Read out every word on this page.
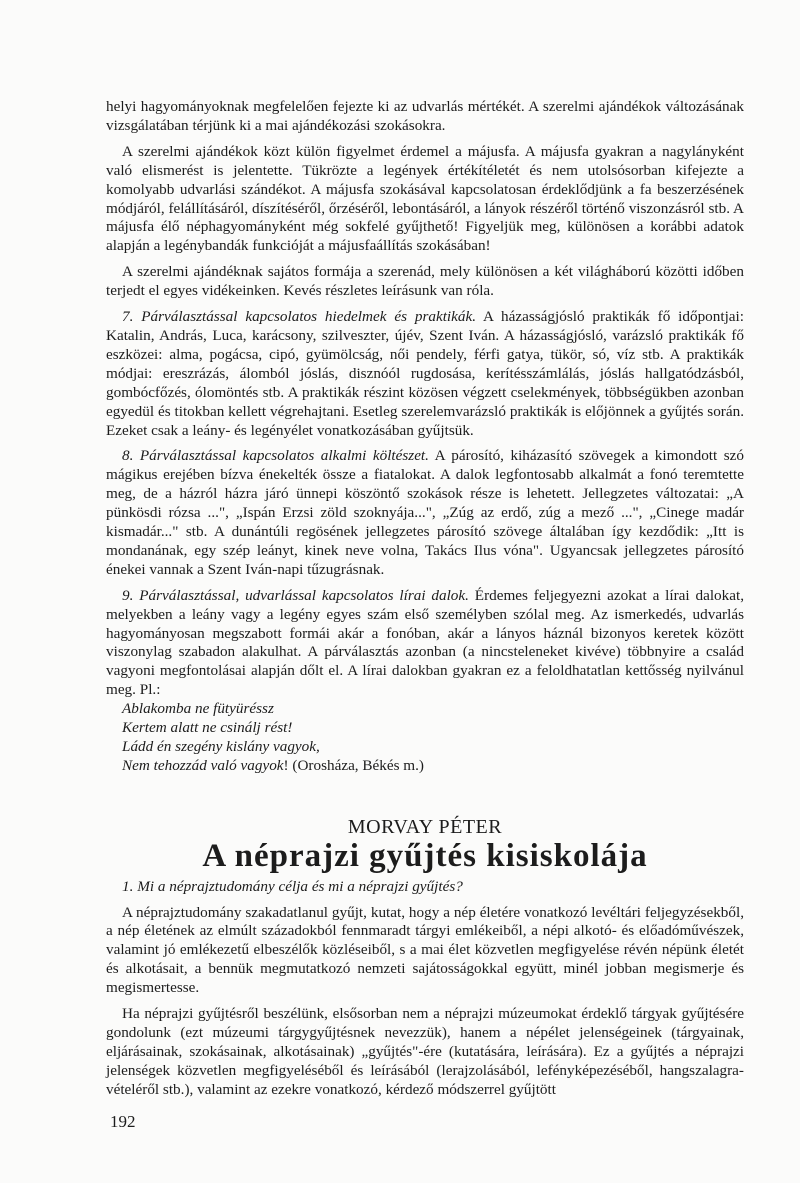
helyi hagyományoknak megfelelően fejezte ki az udvarlás mértékét. A szerelmi ajándékok változásának vizsgálatában térjünk ki a mai ajándékozási szokásokra.

A szerelmi ajándékok közt külön figyelmet érdemel a májusfa. A májusfa gyakran a nagylányként való elismerést is jelentette. Tükrözte a legények értékítéletét és nem utolsósorban kifejezte a komolyabb udvarlási szándékot. A májusfa szokásával kapcsolatosan érdeklődjünk a fa beszerzésének módjáról, felállításáról, díszítéséről, őrzéséről, lebontásáról, a lányok részéről történő viszonzásról stb. A májusfa élő néphagyományként még sokfelé gyűjthető! Figyeljük meg, különösen a korábbi adatok alapján a legénybandák funkcióját a májusfaállítás szokásában!

A szerelmi ajándéknak sajátos formája a szerenád, mely különösen a két világháború közötti időben terjedt el egyes vidékeinken. Kevés részletes leírásunk van róla.

7. Párválasztással kapcsolatos hiedelmek és praktikák. A házasságjósló praktikák fő időpontjai: Katalin, András, Luca, karácsony, szilveszter, újév, Szent Iván. A házasságjósló, varázsló praktikák fő eszközei: alma, pogácsa, cipó, gyümölcság, női pendely, férfi gatya, tükör, só, víz stb. A praktikák módjai: ereszrázás, álomból jóslás, disznóól rugdosása, kerítésszámlálás, jóslás hallgatódzásból, gombócfőzés, ólomöntés stb. A praktikák részint közösen végzett cselekmények, többségükben azonban egyedül és titokban kellett végrehajtani. Esetleg szerelemvarázsló praktikák is előjönnek a gyűjtés során. Ezeket csak a leány- és legényélet vonatkozásában gyűjtsük.

8. Párválasztással kapcsolatos alkalmi költészet. A párosító, kiházasító szövegek a kimondott szó mágikus erejében bízva énekelték össze a fiatalokat. A dalok legfontosabb alkalmát a fonó teremtette meg, de a házról házra járó ünnepi köszöntő szokások része is lehetett. Jellegzetes változatai: „A pünkösdi rózsa ...", „Ispán Erzsi zöld szoknyája...", „Zúg az erdő, zúg a mező ...", „Cinege madár kismadár..." stb. A dunántúli regösének jellegzetes párosító szövege általában így kezdődik: „Itt is mondanának, egy szép leányt, kinek neve volna, Takács Ilus vóna". Ugyancsak jellegzetes párosító énekei vannak a Szent Iván-napi tűzugrásnak.

9. Párválasztással, udvarlással kapcsolatos lírai dalok. Érdemes feljegyezni azokat a lírai dalokat, melyekben a leány vagy a legény egyes szám első személyben szólal meg. Az ismerkedés, udvarlás hagyományosan megszabott formái akár a fonóban, akár a lányos háznál bizonyos keretek között viszonylag szabadon alakulhat. A párválasztás azonban (a nincsteleneket kivéve) többnyire a család vagyoni megfontolásai alapján dőlt el. A lírai dalokban gyakran ez a feloldhatatlan kettősség nyilvánul meg. Pl.:

Ablakomba ne fütyüréssz
Kertem alatt ne csinálj rést!
Ládd én szegény kislány vagyok,
Nem tehozzád való vagyok! (Orosháza, Békés m.)
MORVAY PÉTER
A néprajzi gyűjtés kisiskolája

1. Mi a néprajztudomány célja és mi a néprajzi gyűjtés?

A néprajztudomány szakadatlanul gyűjt, kutat, hogy a nép életére vonatkozó levéltári feljegyzésekből, a nép életének az elmúlt századokból fennmaradt tárgyi emlékeiből, a népi alkotó- és előadóművészek, valamint jó emlékezetű elbeszélők közléseiből, s a mai élet közvetlen megfigyelése révén népünk életét és alkotásait, a bennük megmutatkozó nemzeti sajátosságokkal együtt, minél jobban megismerje és megismertesse.

Ha néprajzi gyűjtésről beszélünk, elsősorban nem a néprajzi múzeumokat érdeklő tárgyak gyűjtésére gondolunk (ezt múzeumi tárgygyűjtésnek nevezzük), hanem a népélet jelenségeinek (tárgyainak, eljárásainak, szokásainak, alkotásainak) „gyűjtés"-ére (kutatására, leírására). Ez a gyűjtés a néprajzi jelenségek közvetlen megfigyeléséből és leírásából (lerajzolásából, lefényképezéséből, hangszalagra-vételéről stb.), valamint az ezekre vonatkozó, kérdező módszerrel gyűjtött

192
